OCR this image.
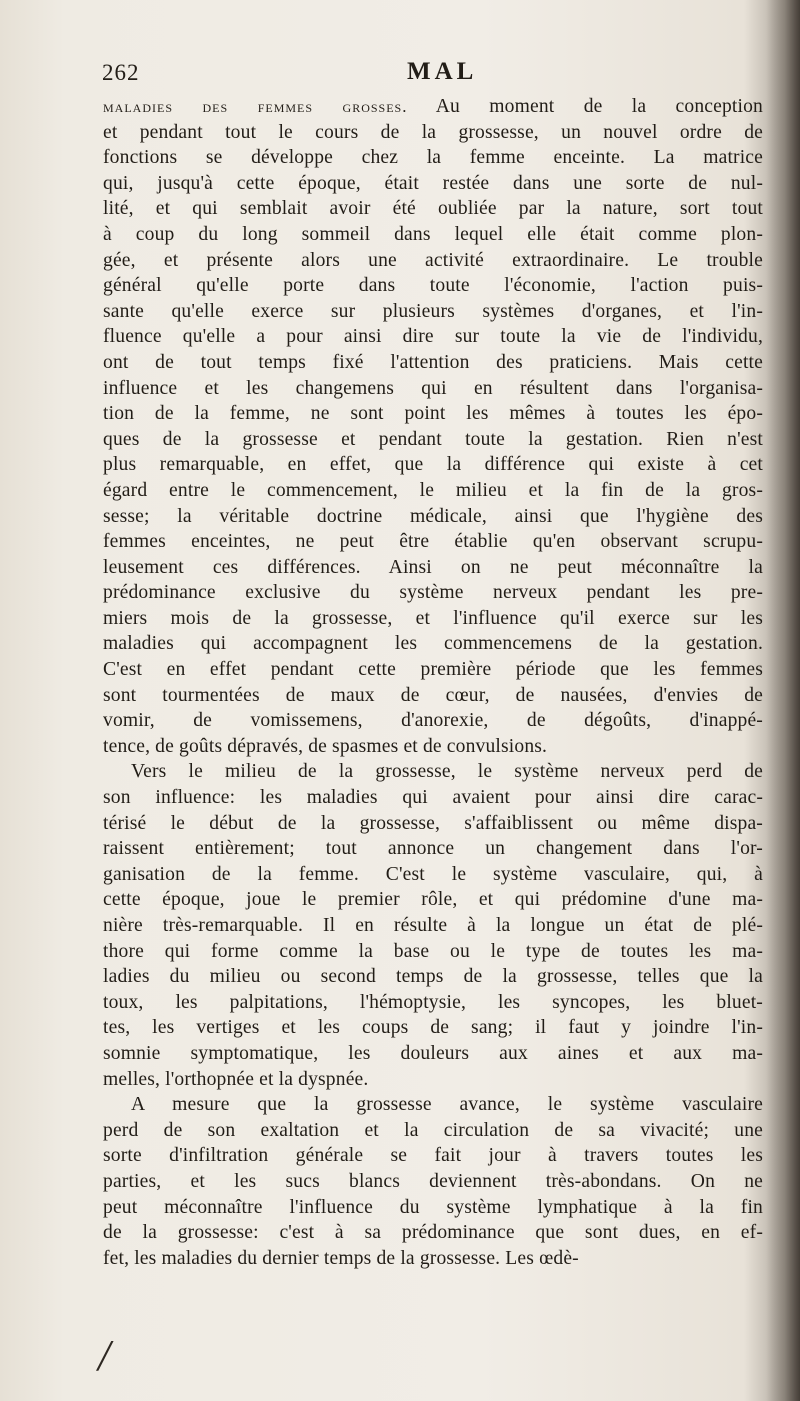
262	MAL
maladies des femmes grosses. Au moment de la conception
et pendant tout le cours de la grossesse, un nouvel ordre de
fonctions se développe chez la femme enceinte. La matrice
qui, jusqu'à cette époque, était restée dans une sorte de nul-
lité, et qui semblait avoir été oubliée par la nature, sort tout
à coup du long sommeil dans lequel elle était comme plon-
gée, et présente alors une activité extraordinaire. Le trouble
général qu'elle porte dans toute l'économie, l'action puis-
sante qu'elle exerce sur plusieurs systèmes d'organes, et l'in-
fluence qu'elle a pour ainsi dire sur toute la vie de l'individu,
ont de tout temps fixé l'attention des praticiens. Mais cette
influence et les changemens qui en résultent dans l'organisa-
tion de la femme, ne sont point les mêmes à toutes les épo-
ques de la grossesse et pendant toute la gestation. Rien n'est
plus remarquable, en effet, que la différence qui existe à cet
égard entre le commencement, le milieu et la fin de la gros-
sesse; la véritable doctrine médicale, ainsi que l'hygiène des
femmes enceintes, ne peut être établie qu'en observant scrupu-
leusement ces différences. Ainsi on ne peut méconnaître la
prédominance exclusive du système nerveux pendant les pre-
miers mois de la grossesse, et l'influence qu'il exerce sur les
maladies qui accompagnent les commencemens de la gestation.
C'est en effet pendant cette première période que les femmes
sont tourmentées de maux de cœur, de nausées, d'envies de
vomir, de vomissemens, d'anorexie, de dégoûts, d'inappé-
tence, de goûts dépravés, de spasmes et de convulsions.
Vers le milieu de la grossesse, le système nerveux perd de
son influence: les maladies qui avaient pour ainsi dire carac-
térisé le début de la grossesse, s'affaiblissent ou même dispa-
raissent entièrement; tout annonce un changement dans l'or-
ganisation de la femme. C'est le système vasculaire, qui, à
cette époque, joue le premier rôle, et qui prédomine d'une ma-
nière très-remarquable. Il en résulte à la longue un état de plé-
thore qui forme comme la base ou le type de toutes les ma-
ladies du milieu ou second temps de la grossesse, telles que la
toux, les palpitations, l'hémoptysie, les syncopes, les bluet-
tes, les vertiges et les coups de sang; il faut y joindre l'in-
somnie symptomatique, les douleurs aux aines et aux ma-
melles, l'orthopnée et la dyspnée.
A mesure que la grossesse avance, le système vasculaire
perd de son exaltation et la circulation de sa vivacité; une
sorte d'infiltration générale se fait jour à travers toutes les
parties, et les sucs blancs deviennent très-abondans. On ne
peut méconnaître l'influence du système lymphatique à la fin
de la grossesse: c'est à sa prédominance que sont dues, en ef-
fet, les maladies du dernier temps de la grossesse. Les œdè-
/
